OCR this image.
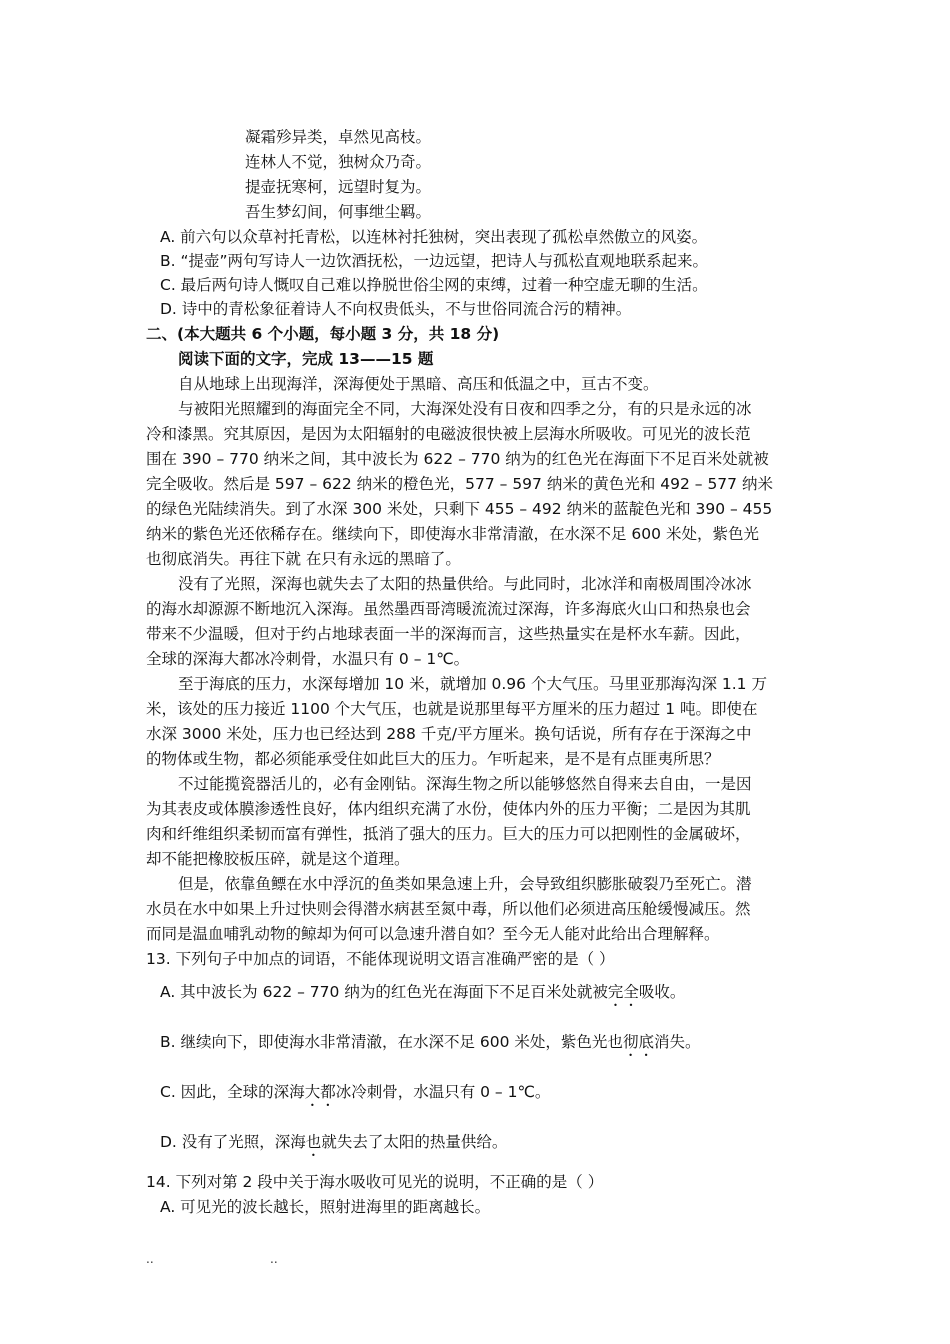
凝霜殄异类，卓然见高枝。
连林人不觉，独树众乃奇。
提壶抚寒柯，远望时复为。
吾生梦幻间，何事绁尘羁。
A. 前六句以众草衬托青松，以连林衬托独树，突出表现了孤松卓然傲立的风姿。
B. “提壶”两句写诗人一边饮酒抚松，一边远望，把诗人与孤松直观地联系起来。
C. 最后两句诗人慨叹自己难以挣脱世俗尘网的束缚，过着一种空虚无聊的生活。
D. 诗中的青松象征着诗人不向权贵低头，不与世俗同流合污的精神。
二、(本大题共 6 个小题，每小题 3 分，共 18 分)
阅读下面的文字，完成 13——15 题
自从地球上出现海洋，深海便处于黑暗、高压和低温之中，亘古不变。
与被阳光照耀到的海面完全不同，大海深处没有日夜和四季之分，有的只是永远的冰
冷和漆黑。究其原因，是因为太阳辐射的电磁波很快被上层海水所吸收。可见光的波长范
围在 390 – 770 纳米之间，其中波长为 622 – 770 纳为的红色光在海面下不足百米处就被
完全吸收。然后是 597 – 622 纳米的橙色光，577 – 597 纳米的黄色光和 492 – 577 纳米
的绿色光陆续消失。到了水深 300 米处，只剩下 455 – 492 纳米的蓝靛色光和 390 – 455
纳米的紫色光还依稀存在。继续向下，即使海水非常清澈，在水深不足 600 米处，紫色光
也彻底消失。再往下就 在只有永远的黑暗了。
没有了光照，深海也就失去了太阳的热量供给。与此同时，北冰洋和南极周围冷冰冰
的海水却源源不断地沉入深海。虽然墨西哥湾暖流流过深海，许多海底火山口和热泉也会
带来不少温暖，但对于约占地球表面一半的深海而言，这些热量实在是杯水车薪。因此，
全球的深海大都冰冷刺骨，水温只有 0 – 1℃。
至于海底的压力，水深每增加 10 米，就增加 0.96 个大气压。马里亚那海沟深 1.1 万
米，该处的压力接近 1100 个大气压，也就是说那里每平方厘米的压力超过 1 吨。即使在
水深 3000 米处，压力也已经达到 288 千克/平方厘米。换句话说，所有存在于深海之中
的物体或生物，都必须能承受住如此巨大的压力。乍听起来，是不是有点匪夷所思？
不过能揽瓷器活儿的，必有金刚钻。深海生物之所以能够悠然自得来去自由，一是因
为其表皮或体膜渗透性良好，体内组织充满了水份，使体内外的压力平衡；二是因为其肌
肉和纤维组织柔韧而富有弹性，抵消了强大的压力。巨大的压力可以把刚性的金属破坏，
却不能把橡胶板压碎，就是这个道理。
但是，依靠鱼鳔在水中浮沉的鱼类如果急速上升，会导致组织膨胀破裂乃至死亡。潜
水员在水中如果上升过快则会得潜水病甚至氮中毒，所以他们必须进高压舱缓慢减压。然
而同是温血哺乳动物的鲸却为何可以急速升潜自如？至今无人能对此给出合理解释。
13. 下列句子中加点的词语，不能体现说明文语言准确严密的是（ ）
A. 其中波长为 622 – 770 纳为的红色光在海面下不足百米处就被完全吸收。
B. 继续向下，即使海水非常清澈，在水深不足 600 米处，紫色光也彻底消失。
C. 因此，全球的深海大都冰冷刺骨，水温只有 0 – 1℃。
D. 没有了光照，深海也就失去了太阳的热量供给。
14. 下列对第 2 段中关于海水吸收可见光的说明，不正确的是（ ）
A. 可见光的波长越长，照射进海里的距离越长。
..	..
